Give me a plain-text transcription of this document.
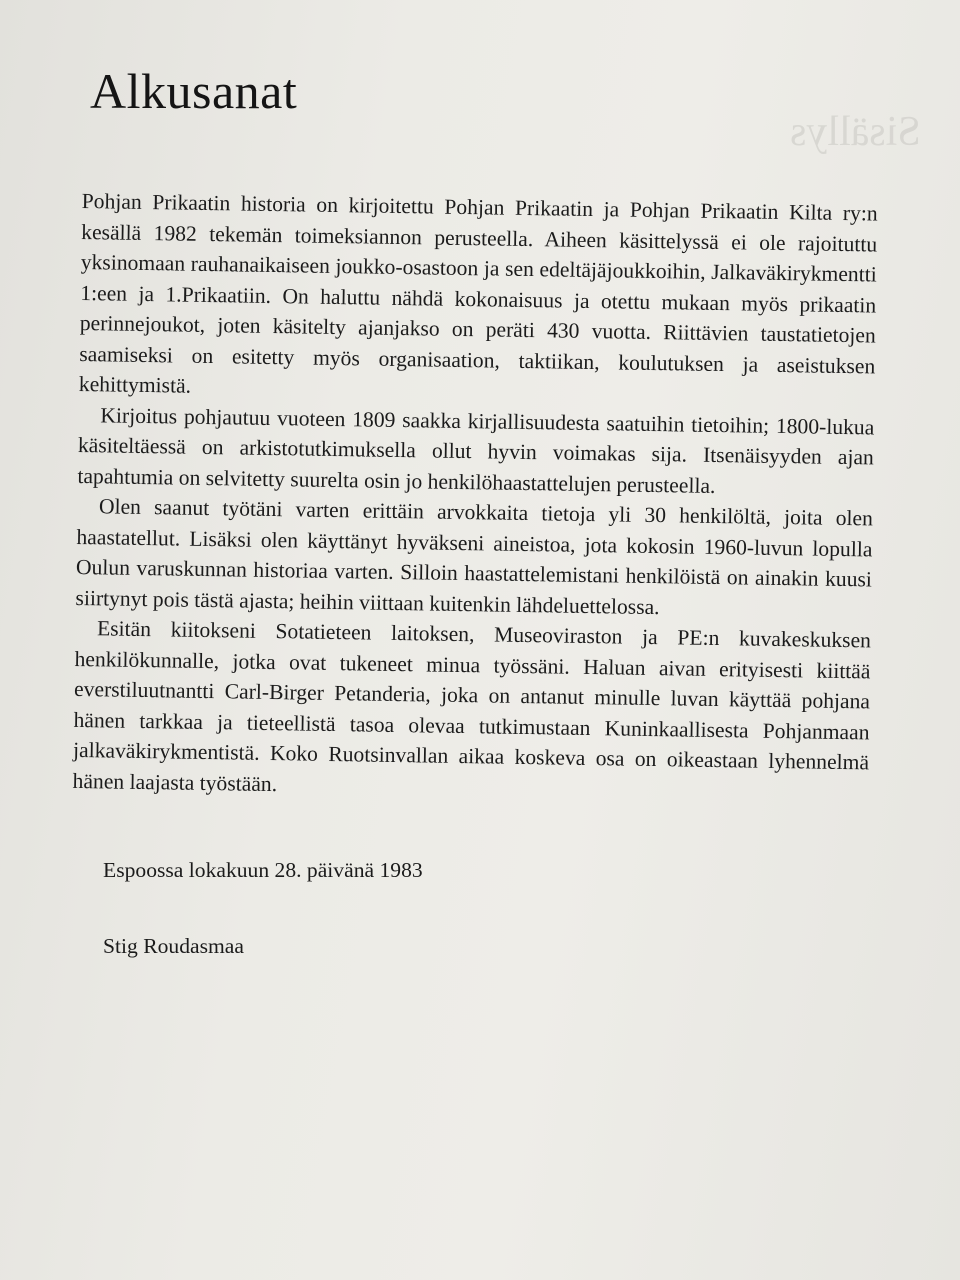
Sisällys
Alkusanat

Pohjan Prikaatin historia on kirjoitettu Pohjan Prikaatin ja Pohjan Prikaatin Kilta ry:n kesällä 1982 tekemän toimeksiannon perusteella. Aiheen käsittelyssä ei ole rajoituttu yksinomaan rauhanaikaiseen joukko-osastoon ja sen edeltäjäjoukkoihin, Jalkaväkirykmentti 1:een ja 1.Prikaatiin. On haluttu nähdä kokonaisuus ja otettu mukaan myös prikaatin perinnejoukot, joten käsitelty ajanjakso on peräti 430 vuotta. Riittävien taustatietojen saamiseksi on esitetty myös organisaation, taktiikan, koulutuksen ja aseistuksen kehittymistä.

Kirjoitus pohjautuu vuoteen 1809 saakka kirjallisuudesta saatuihin tietoihin; 1800-lukua käsiteltäessä on arkistotutkimuksella ollut hyvin voimakas sija. Itsenäisyyden ajan tapahtumia on selvitetty suurelta osin jo henkilöhaastattelujen perusteella.

Olen saanut työtäni varten erittäin arvokkaita tietoja yli 30 henkilöltä, joita olen haastatellut. Lisäksi olen käyttänyt hyväkseni aineistoa, jota kokosin 1960-luvun lopulla Oulun varuskunnan historiaa varten. Silloin haastattelemistani henkilöistä on ainakin kuusi siirtynyt pois tästä ajasta; heihin viittaan kuitenkin lähdeluettelossa.

Esitän kiitokseni Sotatieteen laitoksen, Museoviraston ja PE:n kuvakeskuksen henkilökunnalle, jotka ovat tukeneet minua työssäni. Haluan aivan erityisesti kiittää everstiluutnantti Carl-Birger Petanderia, joka on antanut minulle luvan käyttää pohjana hänen tarkkaa ja tieteellistä tasoa olevaa tutkimustaan Kuninkaallisesta Pohjanmaan jalkaväkirykmentistä. Koko Ruotsinvallan aikaa koskeva osa on oikeastaan lyhennelmä hänen laajasta työstään.

Espoossa lokakuun 28. päivänä 1983

Stig Roudasmaa
